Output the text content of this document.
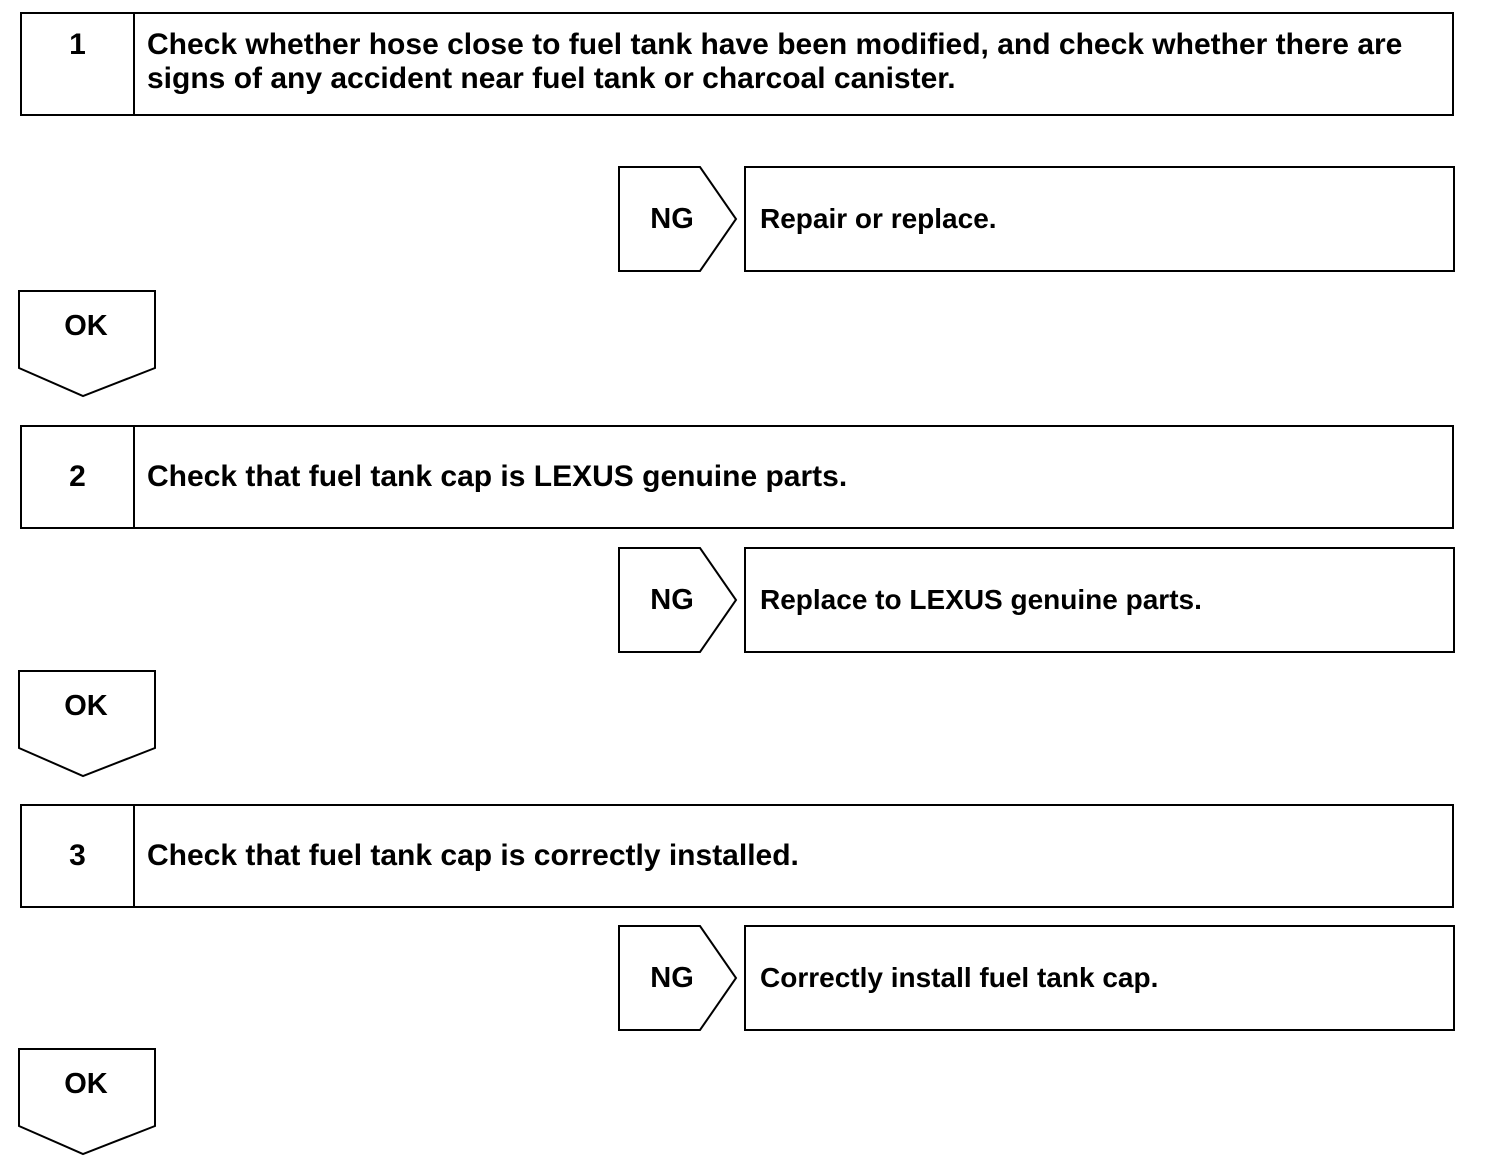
1	Check whether hose close to fuel tank have been modified, and check whether there are signs of any accident near fuel tank or charcoal canister.
NG	Repair or replace.
OK
2	Check that fuel tank cap is LEXUS genuine parts.
NG	Replace to LEXUS genuine parts.
OK
3	Check that fuel tank cap is correctly installed.
NG	Correctly install fuel tank cap.
OK
